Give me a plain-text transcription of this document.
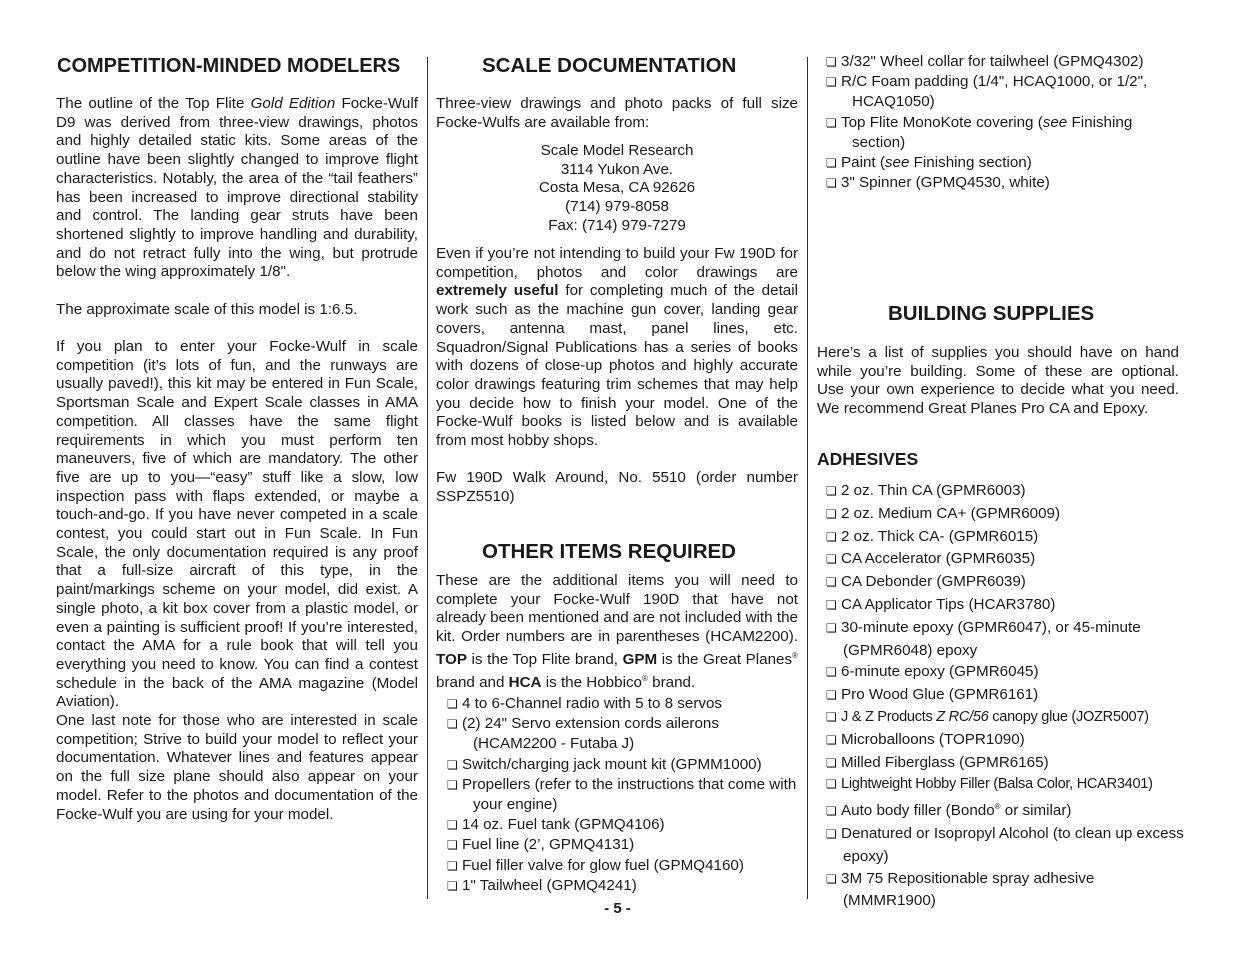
COMPETITION-MINDED MODELERS

The outline of the Top Flite Gold Edition Focke-Wulf D9 was derived from three-view drawings, photos and highly detailed static kits. Some areas of the outline have been slightly changed to improve flight characteristics. Notably, the area of the “tail feathers” has been increased to improve directional stability and control. The landing gear struts have been shortened slightly to improve handling and durability, and do not retract fully into the wing, but protrude below the wing approximately 1/8".

The approximate scale of this model is 1:6.5.

If you plan to enter your Focke-Wulf in scale competition (it’s lots of fun, and the runways are usually paved!), this kit may be entered in Fun Scale, Sportsman Scale and Expert Scale classes in AMA competition. All classes have the same flight requirements in which you must perform ten maneuvers, five of which are mandatory. The other five are up to you—“easy” stuff like a slow, low inspection pass with flaps extended, or maybe a touch-and-go. If you have never competed in a scale contest, you could start out in Fun Scale. In Fun Scale, the only documentation required is any proof that a full-size aircraft of this type, in the paint/markings scheme on your model, did exist. A single photo, a kit box cover from a plastic model, or even a painting is sufficient proof! If you’re interested, contact the AMA for a rule book that will tell you everything you need to know. You can find a contest schedule in the back of the AMA magazine (Model Aviation).

One last note for those who are interested in scale competition; Strive to build your model to reflect your documentation. Whatever lines and features appear on the full size plane should also appear on your model. Refer to the photos and documentation of the Focke-Wulf you are using for your model.

SCALE DOCUMENTATION

Three-view drawings and photo packs of full size Focke-Wulfs are available from:

Scale Model Research
3114 Yukon Ave.
Costa Mesa, CA 92626
(714) 979-8058
Fax: (714) 979-7279

Even if you’re not intending to build your Fw 190D for competition, photos and color drawings are extremely useful for completing much of the detail work such as the machine gun cover, landing gear covers, antenna mast, panel lines, etc. Squadron/Signal Publications has a series of books with dozens of close-up photos and highly accurate color drawings featuring trim schemes that may help you decide how to finish your model. One of the Focke-Wulf books is listed below and is available from most hobby shops.

Fw 190D Walk Around, No. 5510 (order number SSPZ5510)

OTHER ITEMS REQUIRED

These are the additional items you will need to complete your Focke-Wulf 190D that have not already been mentioned and are not included with the kit. Order numbers are in parentheses (HCAM2200). TOP is the Top Flite brand, GPM is the Great Planes® brand and HCA is the Hobbico® brand.

❏ 4 to 6-Channel radio with 5 to 8 servos
❏ (2) 24" Servo extension cords ailerons (HCAM2200 - Futaba J)
❏ Switch/charging jack mount kit (GPMM1000)
❏ Propellers (refer to the instructions that come with your engine)
❏ 14 oz. Fuel tank (GPMQ4106)
❏ Fuel line (2’, GPMQ4131)
❏ Fuel filler valve for glow fuel (GPMQ4160)
❏ 1" Tailwheel (GPMQ4241)
❏ 3/32" Wheel collar for tailwheel (GPMQ4302)
❏ R/C Foam padding (1/4", HCAQ1000, or 1/2", HCAQ1050)
❏ Top Flite MonoKote covering (see Finishing section)
❏ Paint (see Finishing section)
❏ 3" Spinner (GPMQ4530, white)
BUILDING SUPPLIES

Here’s a list of supplies you should have on hand while you’re building. Some of these are optional. Use your own experience to decide what you need. We recommend Great Planes Pro CA and Epoxy.

ADHESIVES
❏ 2 oz. Thin CA (GPMR6003)
❏ 2 oz. Medium CA+ (GPMR6009)
❏ 2 oz. Thick CA- (GPMR6015)
❏ CA Accelerator (GPMR6035)
❏ CA Debonder (GMPR6039)
❏ CA Applicator Tips (HCAR3780)
❏ 30-minute epoxy (GPMR6047), or 45-minute (GPMR6048) epoxy
❏ 6-minute epoxy (GPMR6045)
❏ Pro Wood Glue (GPMR6161)
❏ J & Z Products Z RC/56 canopy glue (JOZR5007)
❏ Microballoons (TOPR1090)
❏ Milled Fiberglass (GPMR6165)
❏ Lightweight Hobby Filler (Balsa Color, HCAR3401)
❏ Auto body filler (Bondo® or similar)
❏ Denatured or Isopropyl Alcohol (to clean up excess epoxy)
❏ 3M 75 Repositionable spray adhesive (MMMR1900)
- 5 -
